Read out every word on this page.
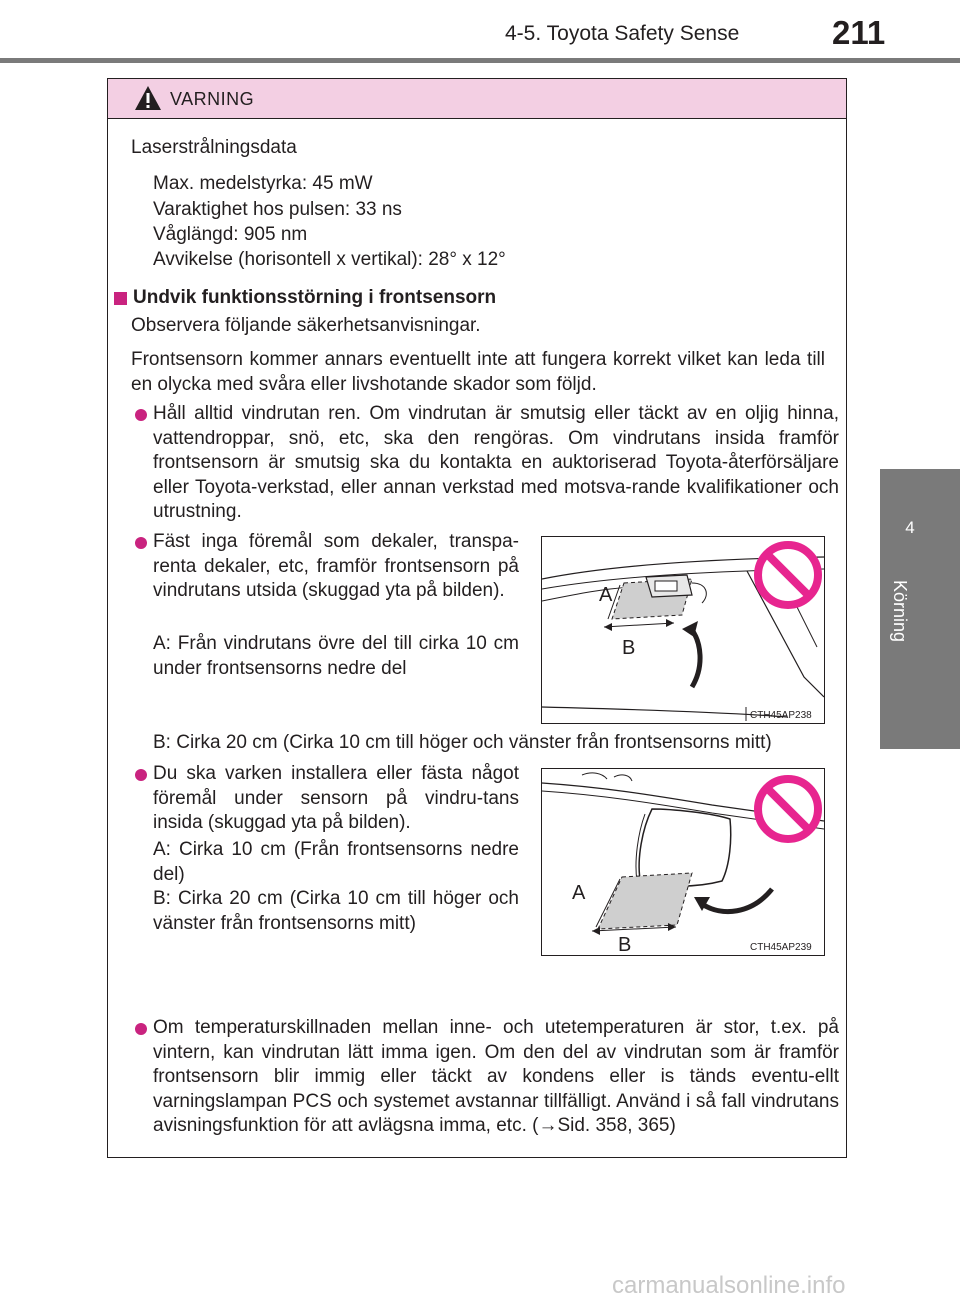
4-5. Toyota Safety Sense	211
4
Körning
VARNING
Laserstrålningsdata
Max. medelstyrka: 45 mW
Varaktighet hos pulsen: 33 ns
Våglängd: 905 nm
Avvikelse (horisontell x vertikal): 28° x 12°
Undvik funktionsstörning i frontsensorn
Observera följande säkerhetsanvisningar.
Frontsensorn kommer annars eventuellt inte att fungera korrekt vilket kan leda till en olycka med svåra eller livshotande skador som följd.
Håll alltid vindrutan ren. Om vindrutan är smutsig eller täckt av en oljig hinna, vattendroppar, snö, etc, ska den rengöras. Om vindrutans insida framför frontsensorn är smutsig ska du kontakta en auktoriserad Toyota-återförsäljare eller Toyota-verkstad, eller annan verkstad med motsva-rande kvalifikationer och utrustning.
Fäst inga föremål som dekaler, transpa-renta dekaler, etc, framför frontsensorn på vindrutans utsida (skuggad yta på bilden).
A: Från vindrutans övre del till cirka 10 cm under frontsensorns nedre del
B: Cirka 20 cm (Cirka 10 cm till höger och vänster från frontsensorns mitt)
A
B
CTH45AP238
Du ska varken installera eller fästa något föremål under sensorn på vindru-tans insida (skuggad yta på bilden).
A: Cirka 10 cm (Från frontsensorns nedre del)
B: Cirka 20 cm (Cirka 10 cm till höger och vänster från frontsensorns mitt)
A
B	CTH45AP239
Om temperaturskillnaden mellan inne- och utetemperaturen är stor, t.ex. på vintern, kan vindrutan lätt imma igen. Om den del av vindrutan som är framför frontsensorn blir immig eller täckt av kondens eller is tänds eventu-ellt varningslampan PCS och systemet avstannar tillfälligt. Använd i så fall vindrutans avisningsfunktion för att avlägsna imma, etc. (→Sid. 358, 365)
carmanualsonline.info
